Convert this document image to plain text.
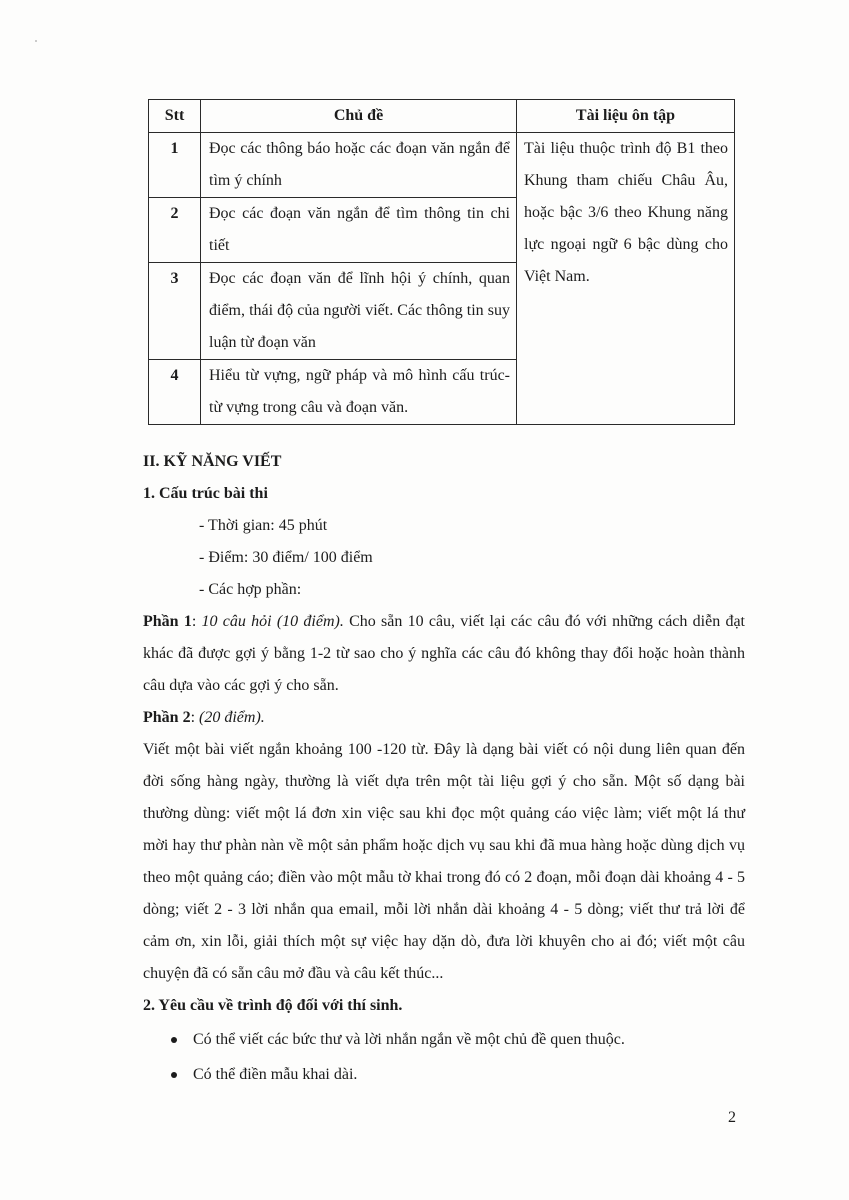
Stt	Chủ đề	Tài liệu ôn tập
1	Đọc các thông báo hoặc các đoạn văn ngắn để tìm ý chính	Tài liệu thuộc trình độ B1 theo Khung tham chiếu Châu Âu, hoặc bậc 3/6 theo Khung năng lực ngoại ngữ 6 bậc dùng cho Việt Nam.
2	Đọc các đoạn văn ngắn để tìm thông tin chi tiết	
3	Đọc các đoạn văn để lĩnh hội ý chính, quan điểm, thái độ của người viết. Các thông tin suy luận từ đoạn văn	
4	Hiểu từ vựng, ngữ pháp và mô hình cấu trúc- từ vựng trong câu và đoạn văn.	

II. KỸ NĂNG VIẾT

1. Cấu trúc bài thi

- Thời gian: 45 phút

- Điểm: 30 điểm/ 100 điểm

- Các hợp phần:

Phần 1: 10 câu hỏi (10 điểm). Cho sẵn 10 câu, viết lại các câu đó với những cách diễn đạt khác đã được gợi ý bằng 1-2 từ sao cho ý nghĩa các câu đó không thay đổi hoặc hoàn thành câu dựa vào các gợi ý cho sẵn.

Phần 2: (20 điểm).

Viết một bài viết ngắn khoảng 100 -120 từ. Đây là dạng bài viết có nội dung liên quan đến đời sống hàng ngày, thường là viết dựa trên một tài liệu gợi ý cho sẵn. Một số dạng bài thường dùng: viết một lá đơn xin việc sau khi đọc một quảng cáo việc làm; viết một lá thư mời hay thư phàn nàn về một sản phẩm hoặc dịch vụ sau khi đã mua hàng hoặc dùng dịch vụ theo một quảng cáo; điền vào một mẫu tờ khai trong đó có 2 đoạn, mỗi đoạn dài khoảng 4 - 5 dòng; viết 2 - 3 lời nhắn qua email, mỗi lời nhắn dài khoảng 4 - 5 dòng; viết thư trả lời để cảm ơn, xin lỗi, giải thích một sự việc hay dặn dò, đưa lời khuyên cho ai đó; viết một câu chuyện đã có sẵn câu mở đầu và câu kết thúc...

2. Yêu cầu về trình độ đối với thí sinh.

Có thể viết các bức thư và lời nhắn ngắn về một chủ đề quen thuộc.
Có thể điền mẫu khai dài.
2
